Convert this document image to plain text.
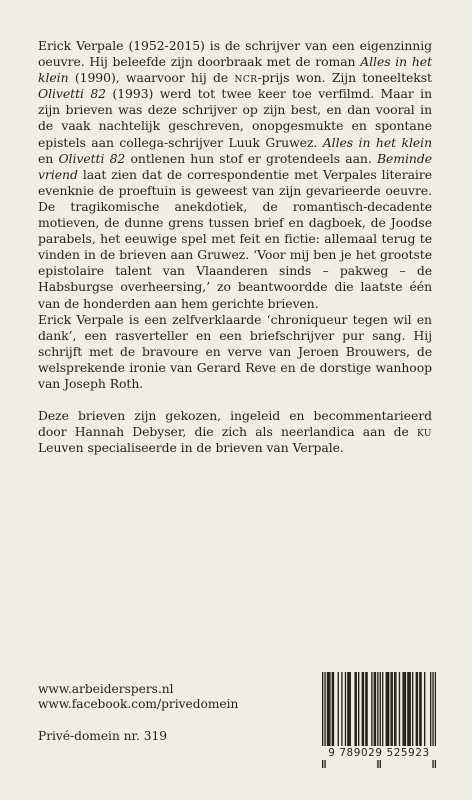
Erick Verpale (1952-2015) is de schrijver van een eigenzinnig oeuvre. Hij beleefde zijn doorbraak met de roman Alles in het klein (1990), waarvoor hij de ncr-prijs won. Zijn toneeltekst Olivetti 82 (1993) werd tot twee keer toe verfilmd. Maar in zijn brieven was deze schrijver op zijn best, en dan vooral in de vaak nachtelijk geschreven, onopgesmukte en spontane epistels aan collega-schrijver Luuk Gruwez. Alles in het klein en Olivetti 82 ontlenen hun stof er grotendeels aan. Beminde vriend laat zien dat de correspondentie met Verpales literaire evenknie de proeftuin is geweest van zijn gevarieerde oeuvre. De tragikomische anekdotiek, de romantisch-decadente motieven, de dunne grens tussen brief en dagboek, de Joodse parabels, het eeuwige spel met feit en fictie: allemaal terug te vinden in de brieven aan Gruwez. ‘Voor mij ben je het grootste epistolaire talent van Vlaanderen sinds – pakweg – de Habsburgse overheersing,’ zo beantwoordde die laatste één van de honderden aan hem gerichte brieven.

Erick Verpale is een zelfverklaarde ‘chroniqueur tegen wil en dank’, een rasverteller en een briefschrijver pur sang. Hij schrijft met de bravoure en verve van Jeroen Brouwers, de welsprekende ironie van Gerard Reve en de dorstige wanhoop van Joseph Roth.

Deze brieven zijn gekozen, ingeleid en becommentarieerd door Hannah Debyser, die zich als neerlandica aan de ku Leuven specialiseerde in de brieven van Verpale.

www.arbeiderspers.nl
www.facebook.com/privedomein
Privé-domein nr. 319
9 789029 525923
